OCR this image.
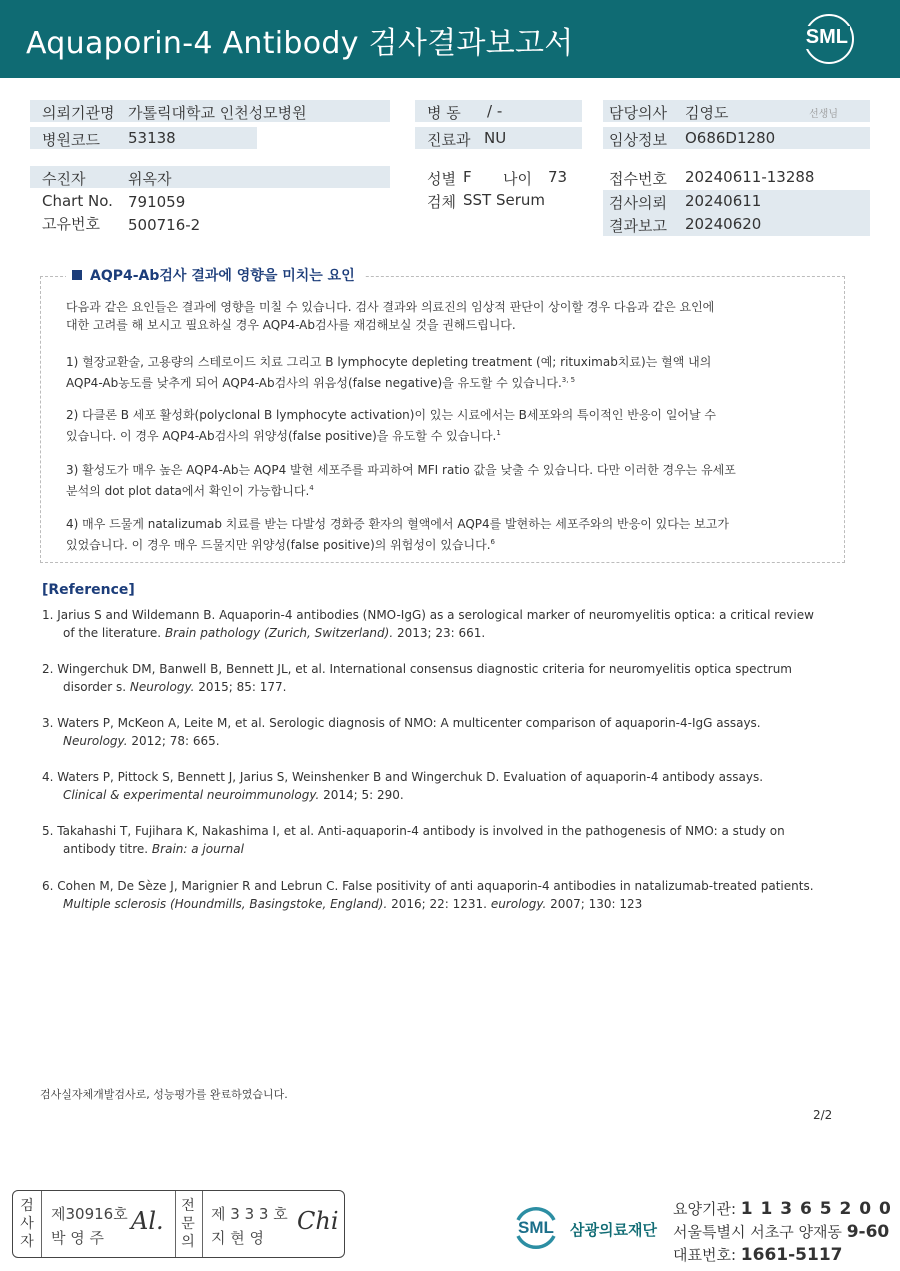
Aquaporin-4 Antibody 검사결과보고서	SML
의뢰기관명 가톨릭대학교 인천성모병원
병원코드 53138
병 동 / -
진료과 NU
담당의사 김영도	선생님
임상정보 O686D1280
수진자	위옥자
Chart No. 791059
고유번호 500716-2
성별 F 나이 73
검체 SST Serum
접수번호 20240611-13288
검사의뢰 20240611
결과보고 20240620
AQP4-Ab검사 결과에 영향을 미치는 요인
다음과 같은 요인들은 결과에 영향을 미칠 수 있습니다. 검사 결과와 의료진의 임상적 판단이 상이할 경우 다음과 같은 요인에
대한 고려를 해 보시고 필요하실 경우 AQP4-Ab검사를 재검해보실 것을 권해드립니다.
1) 혈장교환술, 고용량의 스테로이드 치료 그리고 B lymphocyte depleting treatment (예; rituximab치료)는 혈액 내의
AQP4-Ab농도를 낮추게 되어 AQP4-Ab검사의 위음성(false negative)을 유도할 수 있습니다.$^{3, 5}$
2) 다클론 B 세포 활성화(polyclonal B lymphocyte activation)이 있는 시료에서는 B세포와의 특이적인 반응이 일어날 수
있습니다. 이 경우 AQP4-Ab검사의 위양성(false positive)을 유도할 수 있습니다.$^1$
3) 활성도가 매우 높은 AQP4-Ab는 AQP4 발현 세포주를 파괴하여 MFI ratio 값을 낮출 수 있습니다. 다만 이러한 경우는 유세포
분석의 dot plot data에서 확인이 가능합니다.$^4$
4) 매우 드물게 natalizumab 치료를 받는 다발성 경화증 환자의 혈액에서 AQP4를 발현하는 세포주와의 반응이 있다는 보고가
있었습니다. 이 경우 매우 드물지만 위양성(false positive)의 위험성이 있습니다.$^6$
[Reference]
1. Jarius S and Wildemann B. Aquaporin-4 antibodies (NMO-IgG) as a serological marker of neuromyelitis optica: a critical review
of the literature. Brain pathology (Zurich, Switzerland). 2013; 23: 661.
2. Wingerchuk DM, Banwell B, Bennett JL, et al. International consensus diagnostic criteria for neuromyelitis optica spectrum
disorder s. Neurology. 2015; 85: 177.
3. Waters P, McKeon A, Leite M, et al. Serologic diagnosis of NMO: A multicenter comparison of aquaporin-4-IgG assays.
Neurology. 2012; 78: 665.
4. Waters P, Pittock S, Bennett J, Jarius S, Weinshenker B and Wingerchuk D. Evaluation of aquaporin-4 antibody assays.
Clinical & experimental neuroimmunology. 2014; 5: 290.
5. Takahashi T, Fujihara K, Nakashima I, et al. Anti-aquaporin-4 antibody is involved in the pathogenesis of NMO: a study on
antibody titre. Brain: a journal
6. Cohen M, De Sèze J, Marignier R and Lebrun C. False positivity of anti aquaporin-4 antibodies in natalizumab-treated patients.
Multiple sclerosis (Houndmills, Basingstoke, England). 2016; 22: 1231. eurology. 2007; 130: 123
검사실자체개발검사로, 성능평가를 완료하였습니다.
2/2
검사자
제30916호
박 영 주
Al.
전문의
제 3 3 3 호
지 현 영
Chi	SML 삼광의료재단
요양기관: 1 1 3 6 5 2 0 0
서울특별시 서초구 양재동 9-60
대표번호: 1661-5117
